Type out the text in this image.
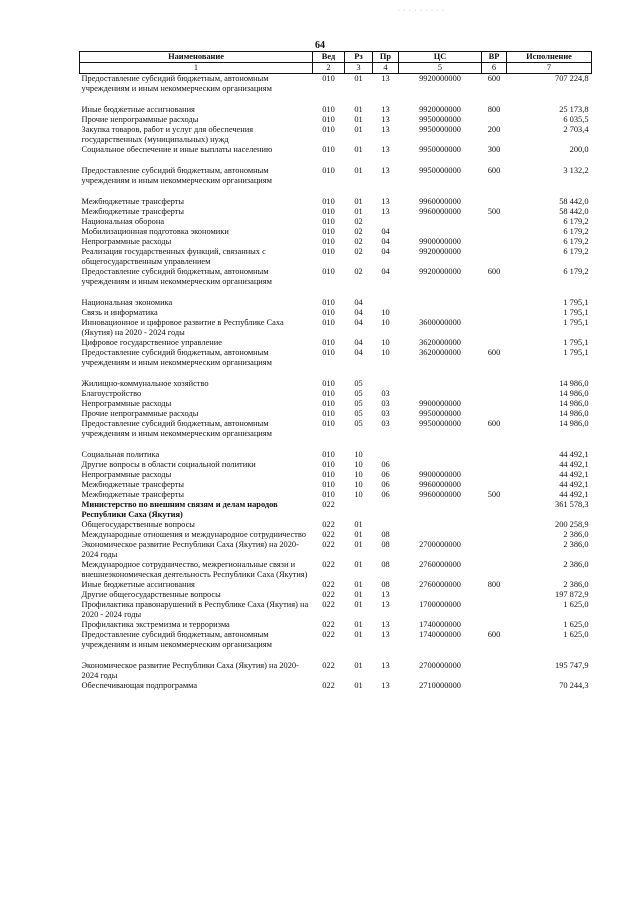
· · · · · · · · ·
64
Наименование	Вед	Рз	Пр	ЦС	ВР	Исполнение
1	2	3	4	5	6	7
Предоставление субсидий бюджетным, автономным учреждениям и иным некоммерческим организациям	010	01	13	9920000000	600	707 224,8

Иные бюджетные ассигнования	010	01	13	9920000000	800	25 173,8
Прочие непрограммные расходы	010	01	13	9950000000		6 035,5
Закупка товаров, работ и услуг для обеспечения государственных (муниципальных) нужд	010	01	13	9950000000	200	2 703,4
Социальное обеспечение и иные выплаты населению	010	01	13	9950000000	300	200,0

Предоставление субсидий бюджетным, автономным учреждениям и иным некоммерческим организациям	010	01	13	9950000000	600	3 132,2

Межбюджетные трансферты	010	01	13	9960000000		58 442,0
Межбюджетные трансферты	010	01	13	9960000000	500	58 442,0
Национальная оборона	010	02				6 179,2
Мобилизационная подготовка экономики	010	02	04			6 179,2
Непрограммные расходы	010	02	04	9900000000		6 179,2
Реализация государственных функций, связанных с общегосударственным управлением	010	02	04	9920000000		6 179,2
Предоставление субсидий бюджетным, автономным учреждениям и иным некоммерческим организациям	010	02	04	9920000000	600	6 179,2

Национальная экономика	010	04				1 795,1
Связь и информатика	010	04	10			1 795,1
Инновационное и цифровое развитие в Республике Саха (Якутия) на 2020 - 2024 годы	010	04	10	3600000000		1 795,1
Цифровое государственное управление	010	04	10	3620000000		1 795,1
Предоставление субсидий бюджетным, автономным учреждениям и иным некоммерческим организациям	010	04	10	3620000000	600	1 795,1

Жилищно-коммунальное хозяйство	010	05				14 986,0
Благоустройство	010	05	03			14 986,0
Непрограммные расходы	010	05	03	9900000000		14 986,0
Прочие непрограммные расходы	010	05	03	9950000000		14 986,0
Предоставление субсидий бюджетным, автономным учреждениям и иным некоммерческим организациям	010	05	03	9950000000	600	14 986,0

Социальная политика	010	10				44 492,1
Другие вопросы в области социальной политики	010	10	06			44 492,1
Непрограммные расходы	010	10	06	9900000000		44 492,1
Межбюджетные трансферты	010	10	06	9960000000		44 492,1
Межбюджетные трансферты	010	10	06	9960000000	500	44 492,1
Министерство по внешним связям и делам народов Республики Саха (Якутия)	022					361 578,3
Общегосударственные вопросы	022	01				200 258,9
Международные отношения и международное сотрудничество	022	01	08			2 386,0
Экономическое развитие Республики Саха (Якутия) на 2020-2024 годы	022	01	08	2700000000		2 386,0
Международное сотрудничество, межрегиональные связи и внешнеэкономическая деятельность Республики Саха (Якутия)	022	01	08	2760000000		2 386,0
Иные бюджетные ассигнования	022	01	08	2760000000	800	2 386,0
Другие общегосударственные вопросы	022	01	13			197 872,9
Профилактика правонарушений в Республике Саха (Якутия) на 2020 - 2024 годы	022	01	13	1700000000		1 625,0
Профилактика экстремизма и терроризма	022	01	13	1740000000		1 625,0
Предоставление субсидий бюджетным, автономным учреждениям и иным некоммерческим организациям	022	01	13	1740000000	600	1 625,0

Экономическое развитие Республики Саха (Якутия) на 2020-2024 годы	022	01	13	2700000000		195 747,9
Обеспечивающая подпрограмма	022	01	13	2710000000		70 244,3
